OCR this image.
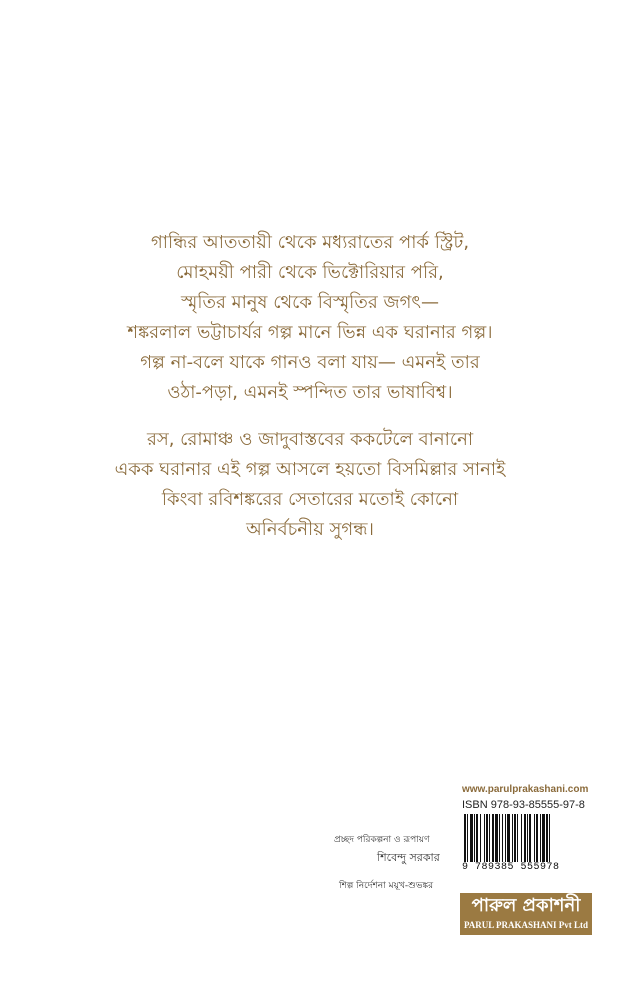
গান্ধির আততায়ী থেকে মধ্যরাতের পার্ক স্ট্রিট,
মোহময়ী পারী থেকে ভিক্টোরিয়ার পরি,
স্মৃতির মানুষ থেকে বিস্মৃতির জগৎ—
শঙ্করলাল ভট্টাচার্যর গল্প মানে ভিন্ন এক ঘরানার গল্প।
গল্প না-বলে যাকে গানও বলা যায়— এমনই তার
ওঠা-পড়া, এমনই স্পন্দিত তার ভাষাবিশ্ব।
রস, রোমাঞ্চ ও জাদুবাস্তবের ককটেলে বানানো
একক ঘরানার এই গল্প আসলে হয়তো বিসমিল্লার সানাই
কিংবা রবিশঙ্করের সেতারের মতোই কোনো
অনির্বচনীয় সুগন্ধ।
www.parulprakashani.com
ISBN 978-93-85555-97-8
9 789385 555978
প্রচ্ছদ পরিকল্পনা ও রূপায়ণ
শিবেন্দু সরকার
শিল্প নির্দেশনা ময়ূখ-শুভঙ্কর
পারুল প্রকাশনী
PARUL PRAKASHANI Pvt Ltd
